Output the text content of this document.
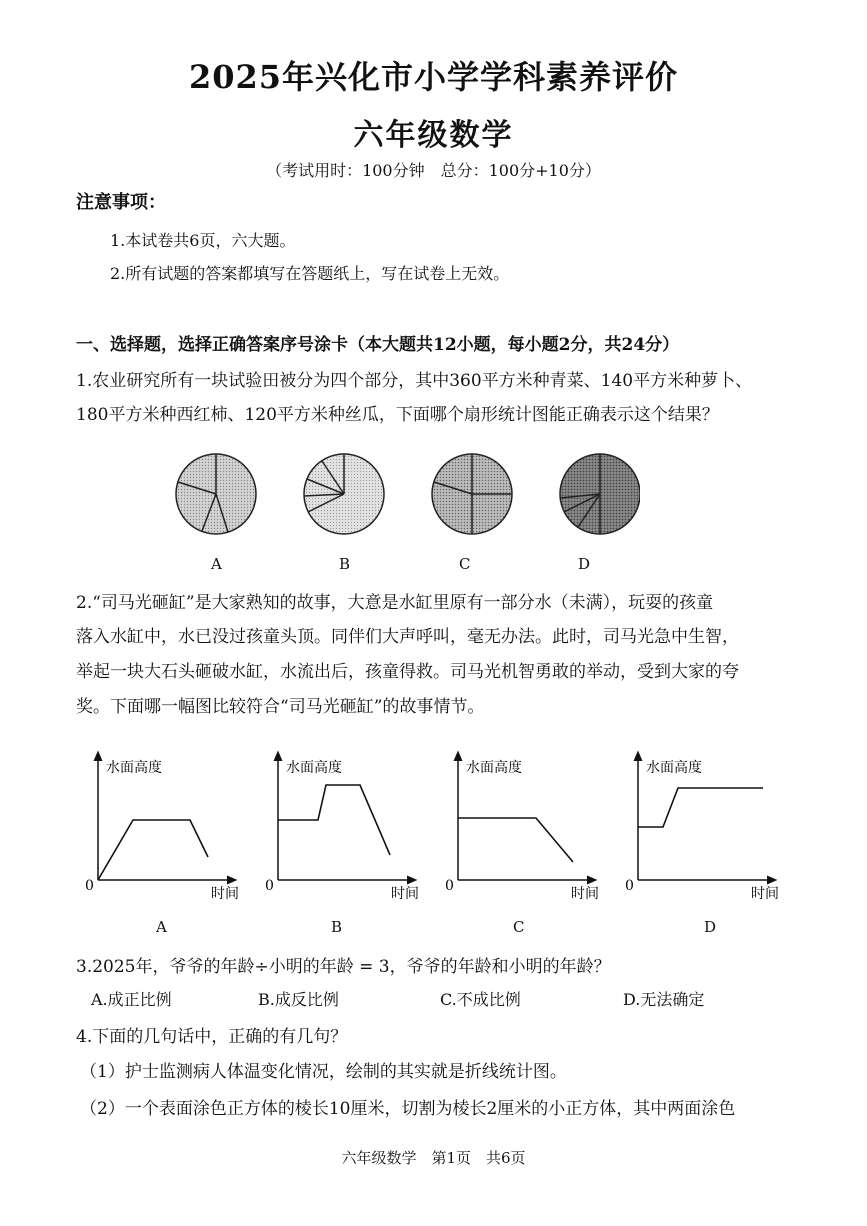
2025年兴化市小学学科素养评价
六年级数学
（考试用时：100分钟　总分：100分+10分）
注意事项：
1.本试卷共6页，六大题。
2.所有试题的答案都填写在答题纸上，写在试卷上无效。
一、选择题，选择正确答案序号涂卡（本大题共12小题，每小题2分，共24分）
1.农业研究所有一块试验田被分为四个部分，其中360平方米种青菜、140平方米种萝卜、
180平方米种西红柿、120平方米种丝瓜，下面哪个扇形统计图能正确表示这个结果？
A	B	C	D
2.“司马光砸缸”是大家熟知的故事，大意是水缸里原有一部分水（未满），玩耍的孩童
落入水缸中，水已没过孩童头顶。同伴们大声呼叫，毫无办法。此时，司马光急中生智，
举起一块大石头砸破水缸，水流出后，孩童得救。司马光机智勇敢的举动，受到大家的夸
奖。下面哪一幅图比较符合“司马光砸缸”的故事情节。
水面高度
时间
0
水面高度
时间
0
水面高度
时间
0
水面高度
时间
0
A	B	C	D
3.2025年，爷爷的年龄÷小明的年龄 = 3，爷爷的年龄和小明的年龄？
A.成正比例	B.成反比例	C.不成比例	D.无法确定
4.下面的几句话中，正确的有几句？
（1）护士监测病人体温变化情况，绘制的其实就是折线统计图。
（2）一个表面涂色正方体的棱长10厘米，切割为棱长2厘米的小正方体，其中两面涂色
六年级数学　第1页　共6页
